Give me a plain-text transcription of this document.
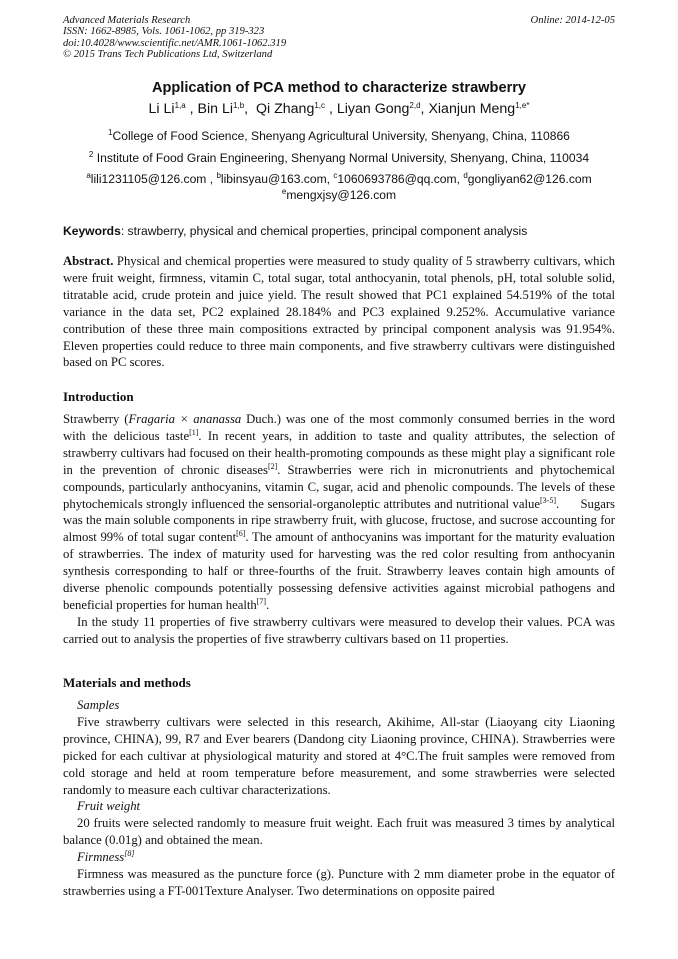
Advanced Materials Research
ISSN: 1662-8985, Vols. 1061-1062, pp 319-323
doi:10.4028/www.scientific.net/AMR.1061-1062.319
© 2015 Trans Tech Publications Ltd, Switzerland
Online: 2014-12-05
Application of PCA method to characterize strawberry
Li Li$^{1,a}$ , Bin Li$^{1,b}$,  Qi Zhang$^{1,c}$ , Liyan Gong$^{2,d}$, Xianjun Meng$^{1,e*}$
$^1$College of Food Science, Shenyang Agricultural University, Shenyang, China, 110866
$^2$ Institute of Food Grain Engineering, Shenyang Normal University, Shenyang, China, 110034
$^a$lili1231105@126.com , $^b$libinsyau@163.com, $^c$1060693786@qq.com, $^d$gongliyan62@126.com
$^e$mengxjsy@126.com
Keywords: strawberry, physical and chemical properties, principal component analysis
Abstract. Physical and chemical properties were measured to study quality of 5 strawberry cultivars, which were fruit weight, firmness, vitamin C, total sugar, total anthocyanin, total phenols, pH, total soluble solid, titratable acid, crude protein and juice yield. The result showed that PC1 explained 54.519% of the total variance in the data set, PC2 explained 28.184% and PC3 explained 9.252%. Accumulative variance contribution of these three main compositions extracted by principal component analysis was 91.954%. Eleven properties could reduce to three main components, and five strawberry cultivars were distinguished based on PC scores.
Introduction

Strawberry (Fragaria × ananassa Duch.) was one of the most commonly consumed berries in the word with the delicious taste[1]. In recent years, in addition to taste and quality attributes, the selection of   strawberry cultivars had focused on their health-promoting compounds as these might play a significant role in the prevention of chronic diseases[2]. Strawberries were rich in micronutrients and phytochemical compounds, particularly anthocyanins, vitamin C, sugar, acid and phenolic compounds. The levels of these phytochemicals strongly influenced the sensorial-organoleptic attributes and nutritional value[3-5].      Sugars was the main soluble components in ripe strawberry fruit, with glucose, fructose, and sucrose accounting for almost 99% of total sugar content[6]. The amount of anthocyanins was important for the maturity evaluation of strawberries. The index of maturity used for harvesting was the red color resulting from anthocyanin synthesis corresponding to half or three-fourths of the fruit. Strawberry leaves contain high amounts of diverse phenolic compounds potentially possessing defensive activities against microbial pathogens and beneficial properties for human health[7].

In the study 11 properties of five strawberry cultivars were measured to develop their values. PCA was carried out to analysis the properties of five strawberry cultivars based on 11 properties.

Materials and methods
Samples
Five strawberry cultivars were selected in this research, Akihime, All-star (Liaoyang city Liaoning province, CHINA), 99, R7 and Ever bearers (Dandong city Liaoning province, CHINA). Strawberries were picked for each cultivar at physiological maturity and stored at 4°C.The fruit samples were removed from cold storage and held at room temperature before measurement, and some strawberries were selected randomly to measure each cultivar characterizations.
Fruit weight
20 fruits were selected randomly to measure fruit weight. Each fruit was measured 3 times by analytical balance (0.01g) and obtained the mean.
Firmness[8]
Firmness was measured as the puncture force (g). Puncture with 2 mm diameter probe in the equator of strawberries using a FT-001Texture Analyser. Two determinations on opposite paired
